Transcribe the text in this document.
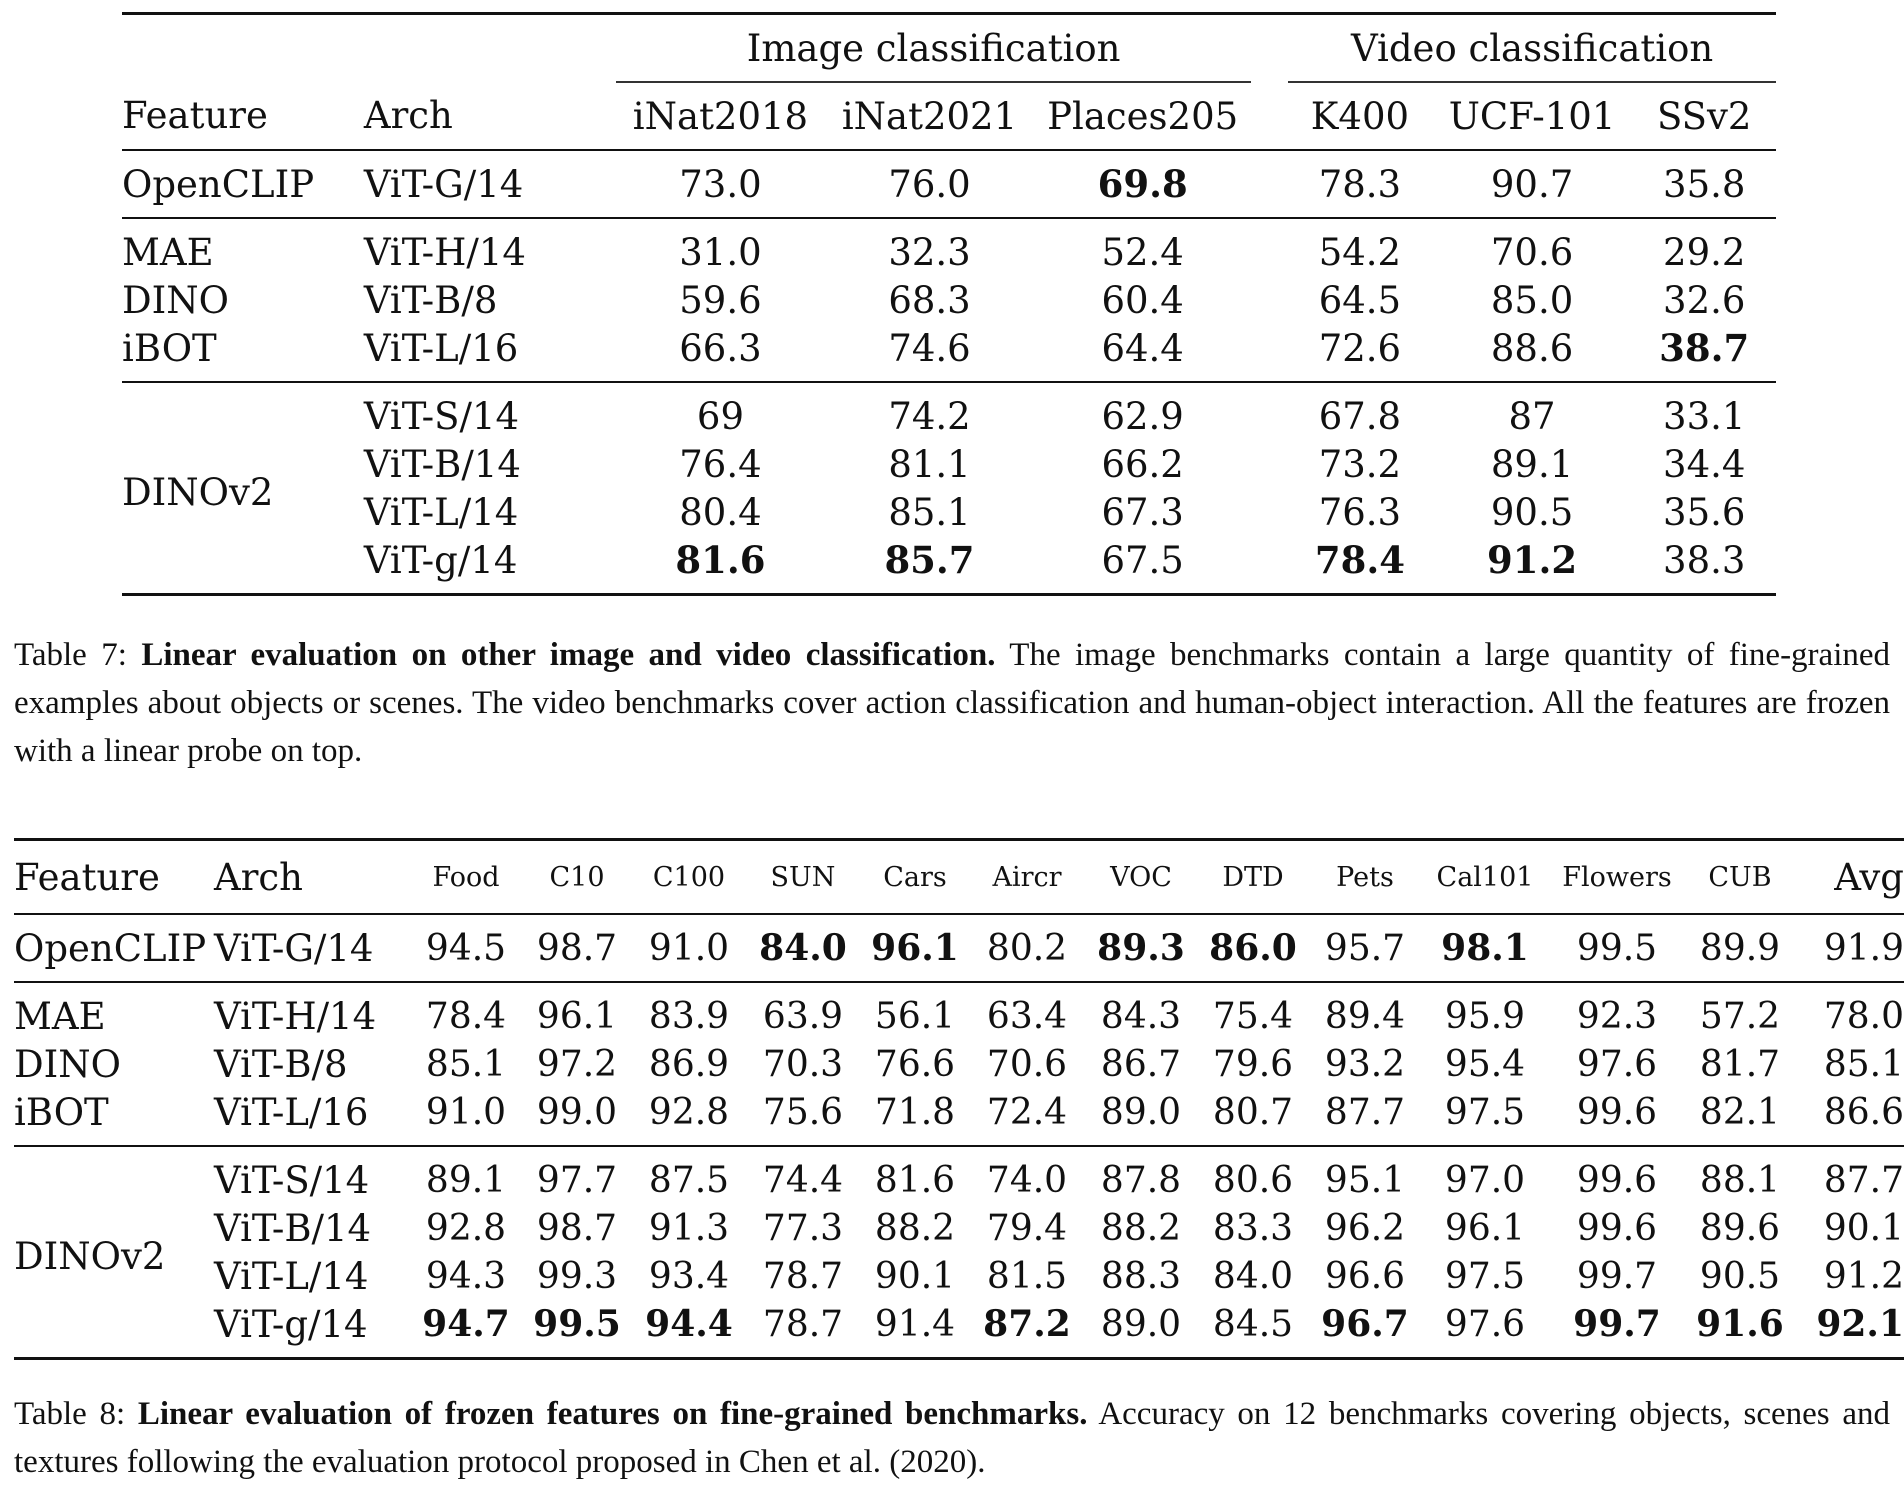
		Image classification				Video classification		
Feature	Arch	iNat2018	iNat2021	Places205		K400	UCF-101	SSv2
OpenCLIP	ViT-G/14	73.0	76.0	69.8		78.3	90.7	35.8
MAE	ViT-H/14	31.0	32.3	52.4		54.2	70.6	29.2
DINO	ViT-B/8	59.6	68.3	60.4		64.5	85.0	32.6
iBOT	ViT-L/16	66.3	74.6	64.4		72.6	88.6	38.7
DINOv2	ViT-S/14	69	74.2	62.9		67.8	87	33.1
	ViT-B/14	76.4	81.1	66.2		73.2	89.1	34.4
	ViT-L/14	80.4	85.1	67.3		76.3	90.5	35.6
	ViT-g/14	81.6	85.7	67.5		78.4	91.2	38.3
Table 7: Linear evaluation on other image and video classification. The image benchmarks contain a large quantity of fine-grained examples about objects or scenes. The video benchmarks cover action classification and human-object interaction. All the features are frozen with a linear probe on top.
Feature	Arch	Food	C10	C100	SUN	Cars	Aircr	VOC	DTD	Pets	Cal101	Flowers	CUB	Avg
OpenCLIP	ViT-G/14	94.5	98.7	91.0	84.0	96.1	80.2	89.3	86.0	95.7	98.1	99.5	89.9	91.9
MAE	ViT-H/14	78.4	96.1	83.9	63.9	56.1	63.4	84.3	75.4	89.4	95.9	92.3	57.2	78.0
DINO	ViT-B/8	85.1	97.2	86.9	70.3	76.6	70.6	86.7	79.6	93.2	95.4	97.6	81.7	85.1
iBOT	ViT-L/16	91.0	99.0	92.8	75.6	71.8	72.4	89.0	80.7	87.7	97.5	99.6	82.1	86.6
DINOv2	ViT-S/14	89.1	97.7	87.5	74.4	81.6	74.0	87.8	80.6	95.1	97.0	99.6	88.1	87.7
	ViT-B/14	92.8	98.7	91.3	77.3	88.2	79.4	88.2	83.3	96.2	96.1	99.6	89.6	90.1
	ViT-L/14	94.3	99.3	93.4	78.7	90.1	81.5	88.3	84.0	96.6	97.5	99.7	90.5	91.2
	ViT-g/14	94.7	99.5	94.4	78.7	91.4	87.2	89.0	84.5	96.7	97.6	99.7	91.6	92.1
Table 8: Linear evaluation of frozen features on fine-grained benchmarks. Accuracy on 12 benchmarks covering objects, scenes and textures following the evaluation protocol proposed in Chen et al. (2020).
